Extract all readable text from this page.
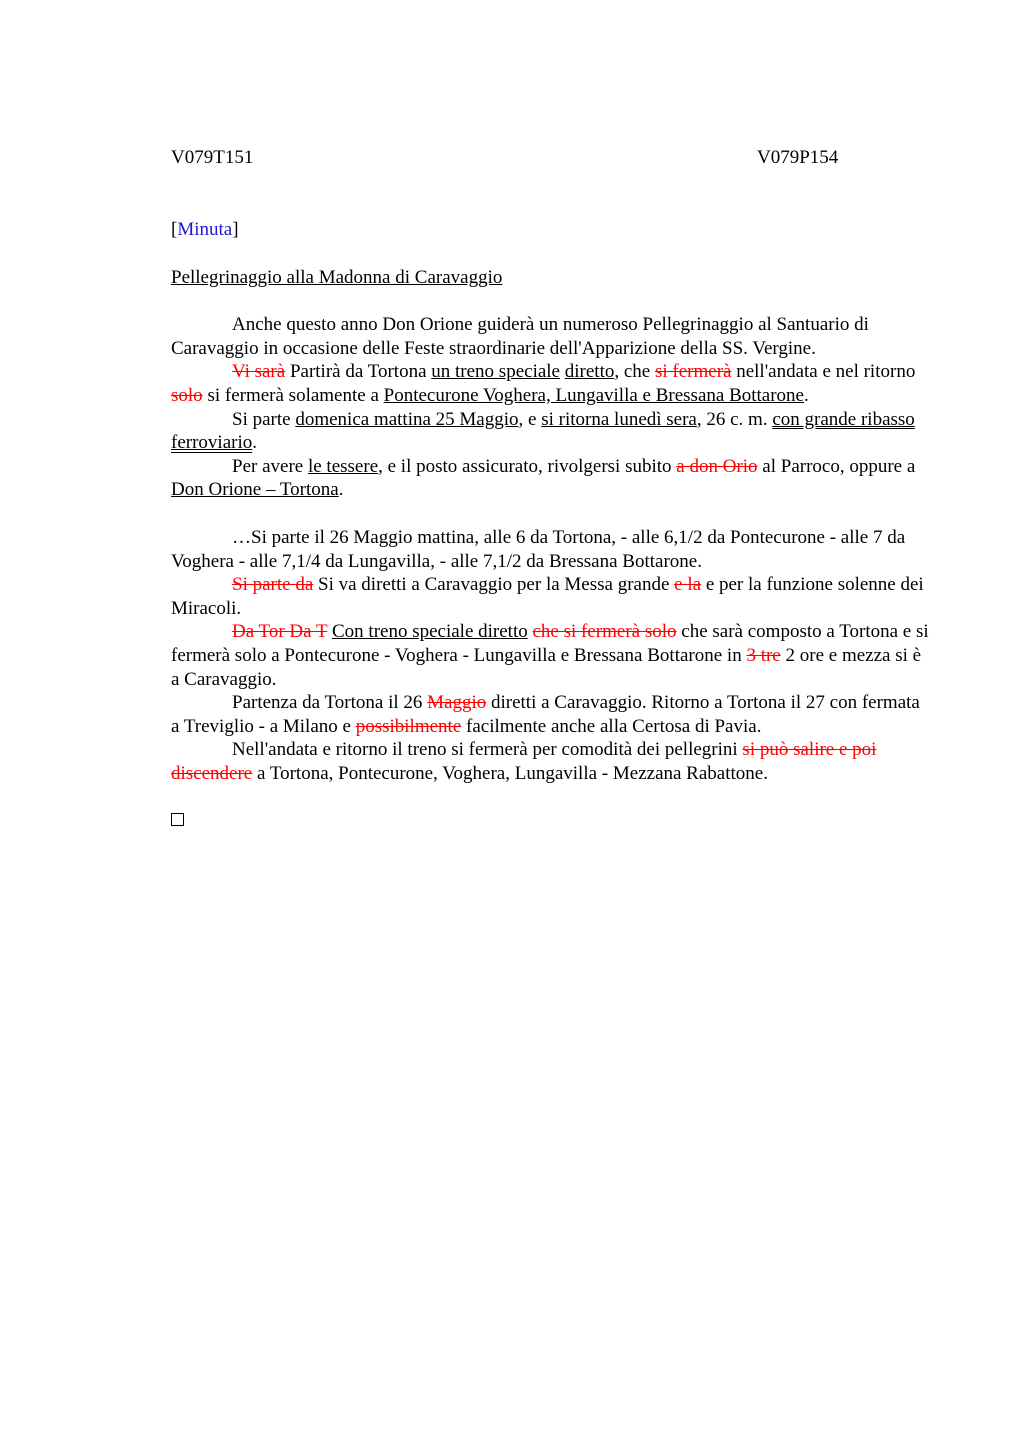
V079T151	V079P154

[Minuta]

Pellegrinaggio alla Madonna di Caravaggio

Anche questo anno Don Orione guiderà un numeroso Pellegrinaggio al Santuario di Caravaggio in occasione delle Feste straordinarie dell'Apparizione della SS. Vergine.

Vi sarà Partirà da Tortona un treno speciale diretto, che si fermerà nell'andata e nel ritorno solo si fermerà solamente a Pontecurone Voghera, Lungavilla e Bressana Bottarone.

Si parte domenica mattina 25 Maggio, e si ritorna lunedì sera, 26 c. m. con grande ribasso ferroviario.

Per avere le tessere, e il posto assicurato, rivolgersi subito a don Orio al Parroco, oppure a Don Orione – Tortona.

…Si parte il 26 Maggio mattina, alle 6 da Tortona, - alle 6,1/2 da Pontecurone - alle 7 da Voghera - alle 7,1/4 da Lungavilla, - alle 7,1/2 da Bressana Bottarone.

Si parte da Si va diretti a Caravaggio per la Messa grande e la e per la funzione solenne dei Miracoli.

Da Tor Da T Con treno speciale diretto che si fermerà solo che sarà composto a Tortona e si fermerà solo a Pontecurone - Voghera - Lungavilla e Bressana Bottarone in 3 tre 2 ore e mezza si è a Caravaggio.

Partenza da Tortona il 26 Maggio diretti a Caravaggio. Ritorno a Tortona il 27 con fermata a Treviglio - a Milano e possibilmente facilmente anche alla Certosa di Pavia.

Nell'andata e ritorno il treno si fermerà per comodità dei pellegrini si può salire e poi discendere a Tortona, Pontecurone, Voghera, Lungavilla - Mezzana Rabattone.
